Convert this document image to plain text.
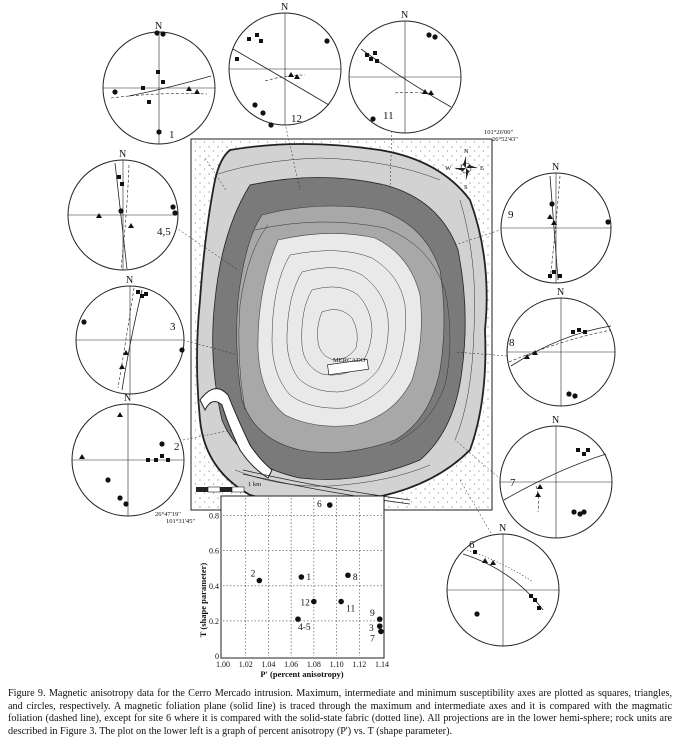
MERCADO
N
S
E
W
1 km
101°26'00"
26°52'43"
26°47'19"
101°31'45"
N
1
N
12
N
11
N
4,5
N
3
N
2
N
9
N
8
N
7
N
6
1.00 1.02 1.04 1.06 1.08 1.10 1.12 1.14
0
0.2
0.4
0.6
0.8
6
1	8
2
12
11 9
4-5	3
7
P' (percent anisotropy)
T (shape parameter)

Figure 9. Magnetic anisotropy data for the Cerro Mercado intrusion. Maximum, intermediate and minimum susceptibility axes are plotted as squares, triangles, and circles, respectively. A magnetic foliation plane (solid line) is traced through the maximum and intermediate axes and it is compared with the magmatic foliation (dashed line), except for site 6 where it is compared with the solid-state fabric (dotted line). All projections are in the lower hemi-sphere; rock units are described in Figure 3. The plot on the lower left is a graph of percent anisotropy (P') vs. T (shape parameter).
